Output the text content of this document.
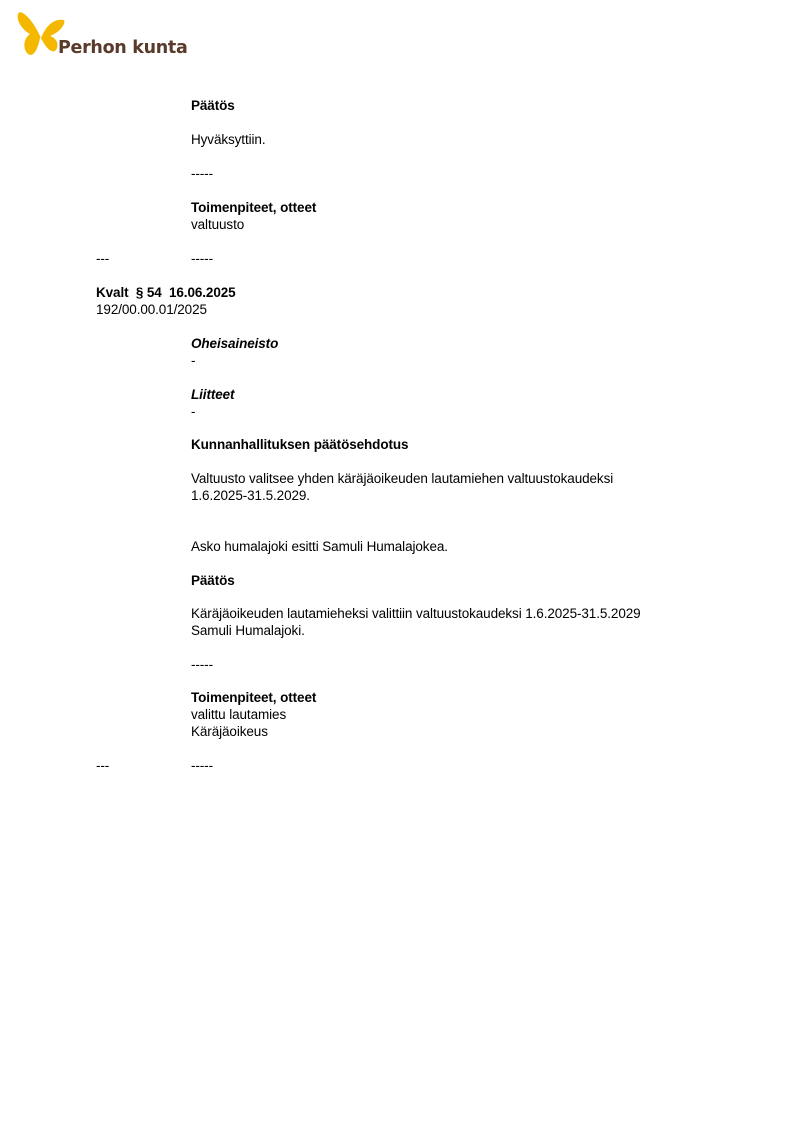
Perhon kunta
Päätös
Hyväksyttiin.
-----
Toimenpiteet, otteet
valtuusto
---	-----
Kvalt  § 54  16.06.2025
192/00.00.01/2025
Oheisaineisto
-
Liitteet
-
Kunnanhallituksen päätösehdotus
Valtuusto valitsee yhden käräjäoikeuden lautamiehen valtuustokaudeksi
1.6.2025-31.5.2029.
Asko humalajoki esitti Samuli Humalajokea.
Päätös
Käräjäoikeuden lautamieheksi valittiin valtuustokaudeksi 1.6.2025-31.5.2029
Samuli Humalajoki.
-----
Toimenpiteet, otteet
valittu lautamies
Käräjäoikeus
---	-----
